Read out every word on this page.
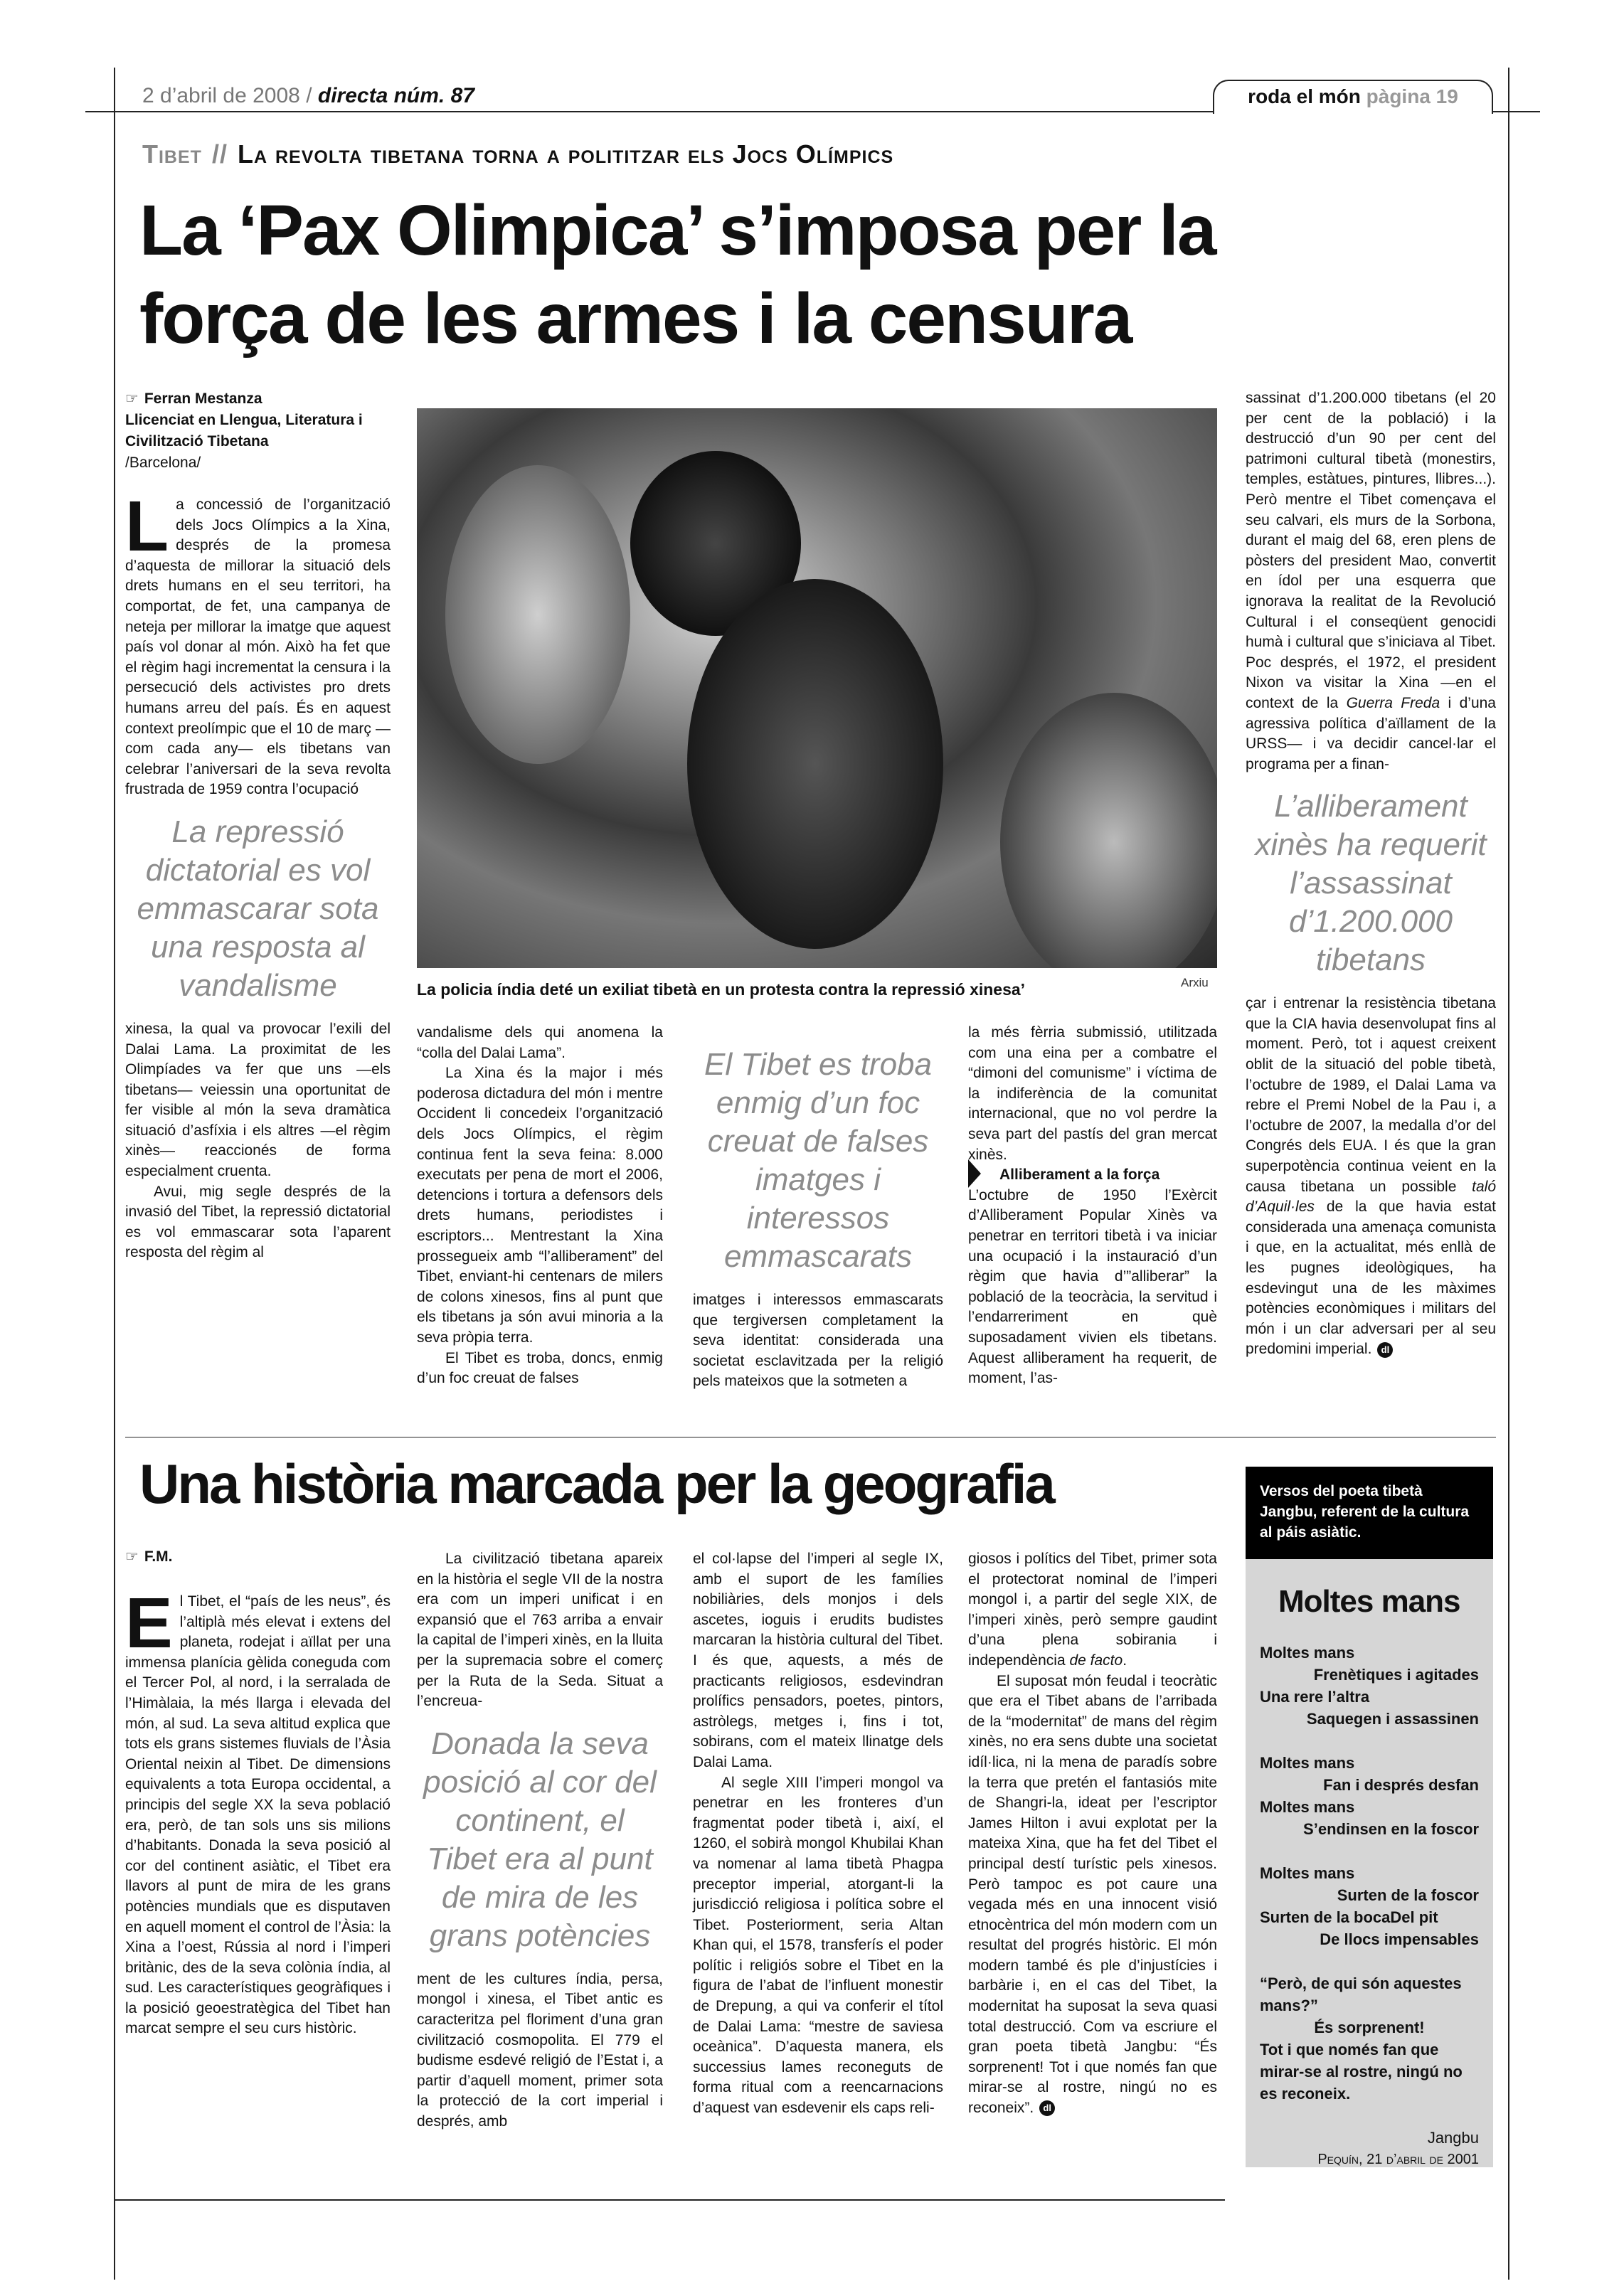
2 d’abril de 2008 / directa núm. 87	roda el món pàgina 19
Tibet // La revolta tibetana torna a polititzar els Jocs Olímpics
La ‘Pax Olimpica’ s’imposa per la
força de les armes i la censura
☞ Ferran Mestanza
Llicenciat en Llengua, Literatura i Civilització Tibetana
/Barcelona/

La concessió de l’organització dels Jocs Olímpics a la Xina, després de la promesa d’aquesta de millorar la situació dels drets humans en el seu territori, ha comportat, de fet, una campanya de neteja per millorar la imatge que aquest país vol donar al món. Això ha fet que el règim hagi incrementat la censura i la persecució dels activistes pro drets humans arreu del país. És en aquest context preolímpic que el 10 de març —com cada any— els tibetans van celebrar l’aniversari de la seva revolta frustrada de 1959 contra l’ocupació

La repressió dictatorial es vol emmascarar sota una resposta al vandalisme

xinesa, la qual va provocar l’exili del Dalai Lama. La proximitat de les Olimpíades va fer que uns —els tibetans— veiessin una oportunitat de fer visible al món la seva dramàtica situació d’asfíxia i els altres —el règim xinès— reaccionés de forma especialment cruenta.

Avui, mig segle després de la invasió del Tibet, la repressió dictatorial es vol emmascarar sota l’aparent resposta del règim al

La policia índia deté un exiliat tibetà en un protesta contra la repressió xinesa’	Arxiu

vandalisme dels qui anomena la “colla del Dalai Lama”.

La Xina és la major i més poderosa dictadura del món i mentre Occident li concedeix l’organització dels Jocs Olímpics, el règim continua fent la seva feina: 8.000 executats per pena de mort el 2006, detencions i tortura a defensors dels drets humans, periodistes i escriptors... Mentrestant la Xina prossegueix amb “l’alliberament” del Tibet, enviant-hi centenars de milers de colons xinesos, fins al punt que els tibetans ja són avui minoria a la seva pròpia terra.

El Tibet es troba, doncs, enmig d’un foc creuat de falses

El Tibet es troba enmig d’un foc creuat de falses imatges i interessos emmascarats

imatges i interessos emmascarats que tergiversen completament la seva identitat: considerada una societat esclavitzada per la religió pels mateixos que la sotmeten a

la més fèrria submissió, utilitzada com una eina per a combatre el “dimoni del comunisme” i víctima de la indiferència de la comunitat internacional, que no vol perdre la seva part del pastís del gran mercat xinès.

Alliberament a la força

L’octubre de 1950 l’Exèrcit d’Alliberament Popular Xinès va penetrar en territori tibetà i va iniciar una ocupació i la instauració d’un règim que havia d’”alliberar” la població de la teocràcia, la servitud i l’endarreriment en què suposadament vivien els tibetans. Aquest alliberament ha requerit, de moment, l’as-

sassinat d’1.200.000 tibetans (el 20 per cent de la població) i la destrucció d’un 90 per cent del patrimoni cultural tibetà (monestirs, temples, estàtues, pintures, llibres...). Però mentre el Tibet començava el seu calvari, els murs de la Sorbona, durant el maig del 68, eren plens de pòsters del president Mao, convertit en ídol per una esquerra que ignorava la realitat de la Revolució Cultural i el conseqüent genocidi humà i cultural que s’iniciava al Tibet. Poc després, el 1972, el president Nixon va visitar la Xina —en el context de la Guerra Freda i d’una agressiva política d’aïllament de la URSS— i va decidir cancel·lar el programa per a finan-

L’alliberament xinès ha requerit l’assassinat d’1.200.000 tibetans

çar i entrenar la resistència tibetana que la CIA havia desenvolupat fins al moment. Però, tot i aquest creixent oblit de la situació del poble tibetà, l’octubre de 1989, el Dalai Lama va rebre el Premi Nobel de la Pau i, a l’octubre de 2007, la medalla d’or del Congrés dels EUA. I és que la gran superpotència continua veient en la causa tibetana un possible taló d’Aquil·les de la que havia estat considerada una amenaça comunista i que, en la actualitat, més enllà de les pugnes ideològiques, ha esdevingut una de les màximes potències econòmiques i militars del món i un clar adversari per al seu predomini imperial. dl

Una història marcada per la geografia
☞ F.M.

El Tibet, el “país de les neus”, és l’altiplà més elevat i extens del planeta, rodejat i aïllat per una immensa planícia gèlida coneguda com el Tercer Pol, al nord, i la serralada de l’Himàlaia, la més llarga i elevada del món, al sud. La seva altitud explica que tots els grans sistemes fluvials de l’Àsia Oriental neixin al Tibet. De dimensions equivalents a tota Europa occidental, a principis del segle XX la seva població era, però, de tan sols uns sis milions d’habitants. Donada la seva posició al cor del continent asiàtic, el Tibet era llavors al punt de mira de les grans potències mundials que es disputaven en aquell moment el control de l’Àsia: la Xina a l’oest, Rússia al nord i l’imperi britànic, des de la seva colònia índia, al sud. Les característiques geogràfiques i la posició geoestratègica del Tibet han marcat sempre el seu curs històric.

La civilització tibetana apareix en la història el segle VII de la nostra era com un imperi unificat i en expansió que el 763 arriba a envair la capital de l’imperi xinès, en la lluita per la supremacia sobre el comerç per la Ruta de la Seda. Situat a l’encreua-

Donada la seva posició al cor del continent, el Tibet era al punt de mira de les grans potències

ment de les cultures índia, persa, mongol i xinesa, el Tibet antic es caracteritza pel floriment d’una gran civilització cosmopolita. El 779 el budisme esdevé religió de l’Estat i, a partir d’aquell moment, primer sota la protecció de la cort imperial i després, amb

el col·lapse del l’imperi al segle IX, amb el suport de les famílies nobiliàries, dels monjos i dels ascetes, ioguis i erudits budistes marcaran la història cultural del Tibet. I és que, aquests, a més de practicants religiosos, esdevindran prolífics pensadors, poetes, pintors, astròlegs, metges i, fins i tot, sobirans, com el mateix llinatge dels Dalai Lama.

Al segle XIII l’imperi mongol va penetrar en les fronteres d’un fragmentat poder tibetà i, així, el 1260, el sobirà mongol Khubilai Khan va nomenar al lama tibetà Phagpa preceptor imperial, atorgant-li la jurisdicció religiosa i política sobre el Tibet. Posteriorment, seria Altan Khan qui, el 1578, transferís el poder polític i religiós sobre el Tibet en la figura de l’abat de l’influent monestir de Drepung, a qui va conferir el títol de Dalai Lama: “mestre de saviesa oceànica”. D’aquesta manera, els successius lames reconeguts de forma ritual com a reencarnacions d’aquest van esdevenir els caps reli-

giosos i polítics del Tibet, primer sota el protectorat nominal de l’imperi mongol i, a partir del segle XIX, de l’imperi xinès, però sempre gaudint d’una plena sobirania i independència de facto.

El suposat món feudal i teocràtic que era el Tibet abans de l’arribada de la “modernitat” de mans del règim xinès, no era sens dubte una societat idíl·lica, ni la mena de paradís sobre la terra que pretén el fantasiós mite de Shangri-la, ideat per l’escriptor James Hilton i avui explotat per la mateixa Xina, que ha fet del Tibet el principal destí turístic pels xinesos. Però tampoc es pot caure una vegada més en una innocent visió etnocèntrica del món modern com un resultat del progrés històric. El món modern també és ple d’injustícies i barbàrie i, en el cas del Tibet, la modernitat ha suposat la seva quasi total destrucció. Com va escriure el gran poeta tibetà Jangbu: “És sorprenent! Tot i que només fan que mirar-se al rostre, ningú no es reconeix”. dl

Versos del poeta tibetà Jangbu, referent de la cultura al páis asiàtic.
Moltes mans
Moltes mans
Frenètiques i agitades
Una rere l’altra
Saquegen i assassinen
Moltes mans
Fan i després desfan
Moltes mans
S’endinsen en la foscor
Moltes mans
Surten de la foscor
Surten de la bocaDel pit
De llocs impensables
“Però, de qui són aquestes mans?”
És sorprenent!
Tot i que només fan que mirar-se al rostre, ningú no es reconeix.
Jangbu
Pequín, 21 d’abril de 2001
